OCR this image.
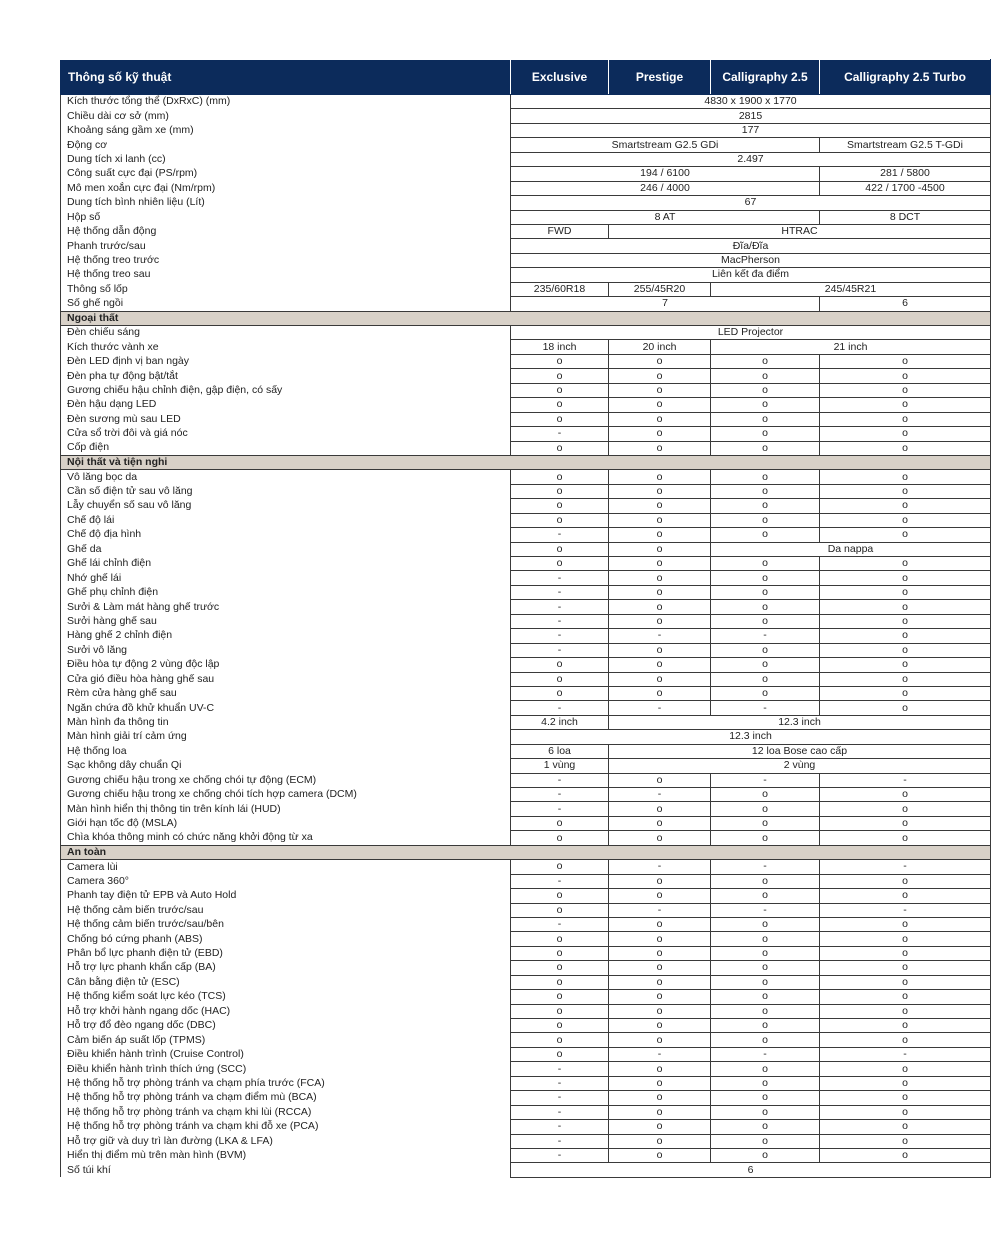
Thông số kỹ thuật	Exclusive	Prestige	Calligraphy 2.5	Calligraphy 2.5 Turbo
Kích thước tổng thể (DxRxC) (mm)	4830 x 1900 x 1770			
Chiều dài cơ sở (mm)	2815			
Khoảng sáng gầm xe (mm)	177			
Động cơ	Smartstream G2.5 GDi			Smartstream G2.5 T-GDi
Dung tích xi lanh (cc)	2.497			
Công suất cực đại (PS/rpm)	194 / 6100			281 / 5800
Mô men xoắn cực đại (Nm/rpm)	246 / 4000			422 / 1700 -4500
Dung tích bình nhiên liệu (Lít)	67			
Hộp số	8 AT			8 DCT
Hệ thống dẫn động	FWD	HTRAC		
Phanh trước/sau	Đĩa/Đĩa			
Hệ thống treo trước	MacPherson			
Hệ thống treo sau	Liên kết đa điểm			
Thông số lốp	235/60R18	255/45R20	245/45R21	
Số ghế ngồi	7			6
Ngoại thất				
Đèn chiếu sáng	LED Projector			
Kích thước vành xe	18 inch	20 inch	21 inch	
Đèn LED định vị ban ngày	o	o	o	o
Đèn pha tự động bật/tắt	o	o	o	o
Gương chiếu hậu chỉnh điện, gập điện, có sấy	o	o	o	o
Đèn hậu dạng LED	o	o	o	o
Đèn sương mù sau LED	o	o	o	o
Cửa sổ trời đôi và giá nóc	-	o	o	o
Cốp điện	o	o	o	o
Nội thất và tiện nghi				
Vô lăng bọc da	o	o	o	o
Cần số điện tử sau vô lăng	o	o	o	o
Lẫy chuyển số sau vô lăng	o	o	o	o
Chế độ lái	o	o	o	o
Chế độ địa hình	-	o	o	o
Ghế da	o	o	Da nappa	
Ghế lái chỉnh điện	o	o	o	o
Nhớ ghế lái	-	o	o	o
Ghế phụ chỉnh điện	-	o	o	o
Sưởi & Làm mát hàng ghế trước	-	o	o	o
Sưởi hàng ghế sau	-	o	o	o
Hàng ghế 2 chỉnh điện	-	-	-	o
Sưởi vô lăng	-	o	o	o
Điều hòa tự động 2 vùng độc lập	o	o	o	o
Cửa gió điều hòa hàng ghế sau	o	o	o	o
Rèm cửa hàng ghế sau	o	o	o	o
Ngăn chứa đồ khử khuẩn UV-C	-	-	-	o
Màn hình đa thông tin	4.2 inch	12.3 inch		
Màn hình giải trí cảm ứng	12.3 inch			
Hệ thống loa	6 loa	12 loa Bose cao cấp		
Sạc không dây chuẩn Qi	1 vùng	2 vùng		
Gương chiếu hậu trong xe chống chói tự động (ECM)	-	o	-	-
Gương chiếu hậu trong xe chống chói tích hợp camera (DCM)	-	-	o	o
Màn hình hiển thị thông tin trên kính lái (HUD)	-	o	o	o
Giới hạn tốc độ (MSLA)	o	o	o	o
Chìa khóa thông minh có chức năng khởi động từ xa	o	o	o	o
An toàn				
Camera lùi	o	-	-	-
Camera 360°	-	o	o	o
Phanh tay điện tử EPB và Auto Hold	o	o	o	o
Hệ thống cảm biến trước/sau	o	-	-	-
Hệ thống cảm biến trước/sau/bên	-	o	o	o
Chống bó cứng phanh (ABS)	o	o	o	o
Phân bổ lực phanh điện tử (EBD)	o	o	o	o
Hỗ trợ lực phanh khẩn cấp (BA)	o	o	o	o
Cân bằng điện tử (ESC)	o	o	o	o
Hệ thống kiểm soát lực kéo (TCS)	o	o	o	o
Hỗ trợ khởi hành ngang dốc (HAC)	o	o	o	o
Hỗ trợ đổ đèo ngang dốc (DBC)	o	o	o	o
Cảm biến áp suất lốp (TPMS)	o	o	o	o
Điều khiển hành trình (Cruise Control)	o	-	-	-
Điều khiển hành trình thích ứng (SCC)	-	o	o	o
Hệ thống hỗ trợ phòng tránh va chạm phía trước (FCA)	-	o	o	o
Hệ thống hỗ trợ phòng tránh va chạm điểm mù (BCA)	-	o	o	o
Hệ thống hỗ trợ phòng tránh va chạm khi lùi (RCCA)	-	o	o	o
Hệ thống hỗ trợ phòng tránh va chạm khi đỗ xe (PCA)	-	o	o	o
Hỗ trợ giữ và duy trì làn đường (LKA & LFA)	-	o	o	o
Hiển thị điểm mù trên màn hình (BVM)	-	o	o	o
Số túi khí	6			
